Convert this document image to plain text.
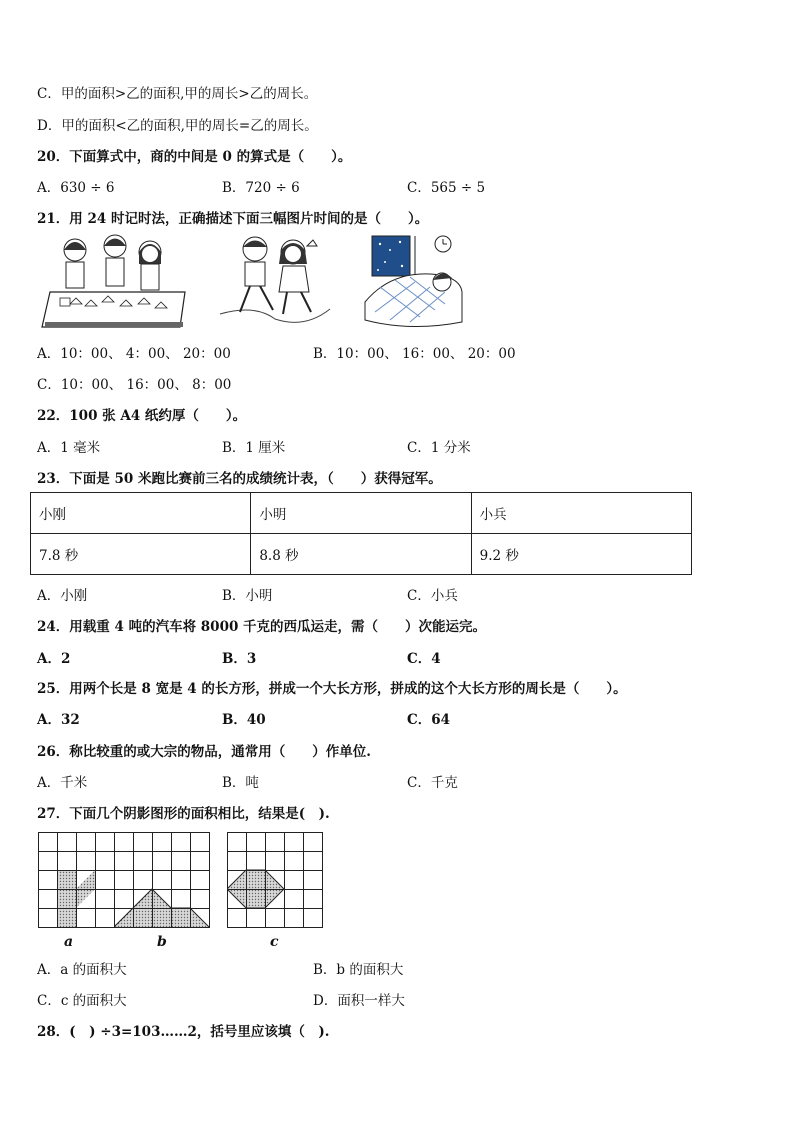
C．甲的面积>乙的面积,甲的周长>乙的周长。
D．甲的面积<乙的面积,甲的周长=乙的周长。
20．下面算式中，商的中间是 0 的算式是（　　）。
A．630 ÷ 6	B．720 ÷ 6	C．565 ÷ 5
21．用 24 时记时法，正确描述下面三幅图片时间的是（　　）。
A．10：00、 4：00、 20：00	B．10：00、 16：00、 20：00
C．10：00、 16：00、 8：00
22．100 张 A4 纸约厚（　　）。
A．1 毫米	B．1 厘米	C．1 分米
23．下面是 50 米跑比赛前三名的成绩统计表，（　　）获得冠军。
小刚	小明	小兵
7.8 秒	8.8 秒	9.2 秒
A．小刚	B．小明	C．小兵
24．用载重 4 吨的汽车将 8000 千克的西瓜运走，需（　　）次能运完。
A．2	B．3	C．4
25．用两个长是 8 宽是 4 的长方形，拼成一个大长方形，拼成的这个大长方形的周长是（　　）。
A．32	B．40	C．64
26．称比较重的或大宗的物品，通常用（　　）作单位.
A．千米	B．吨	C．千克
27．下面几个阴影图形的面积相比，结果是(　).
a	b	c
A．a 的面积大	B．b 的面积大
C．c 的面积大	D．面积一样大
28．(　) ÷3=103……2，括号里应该填（　).
